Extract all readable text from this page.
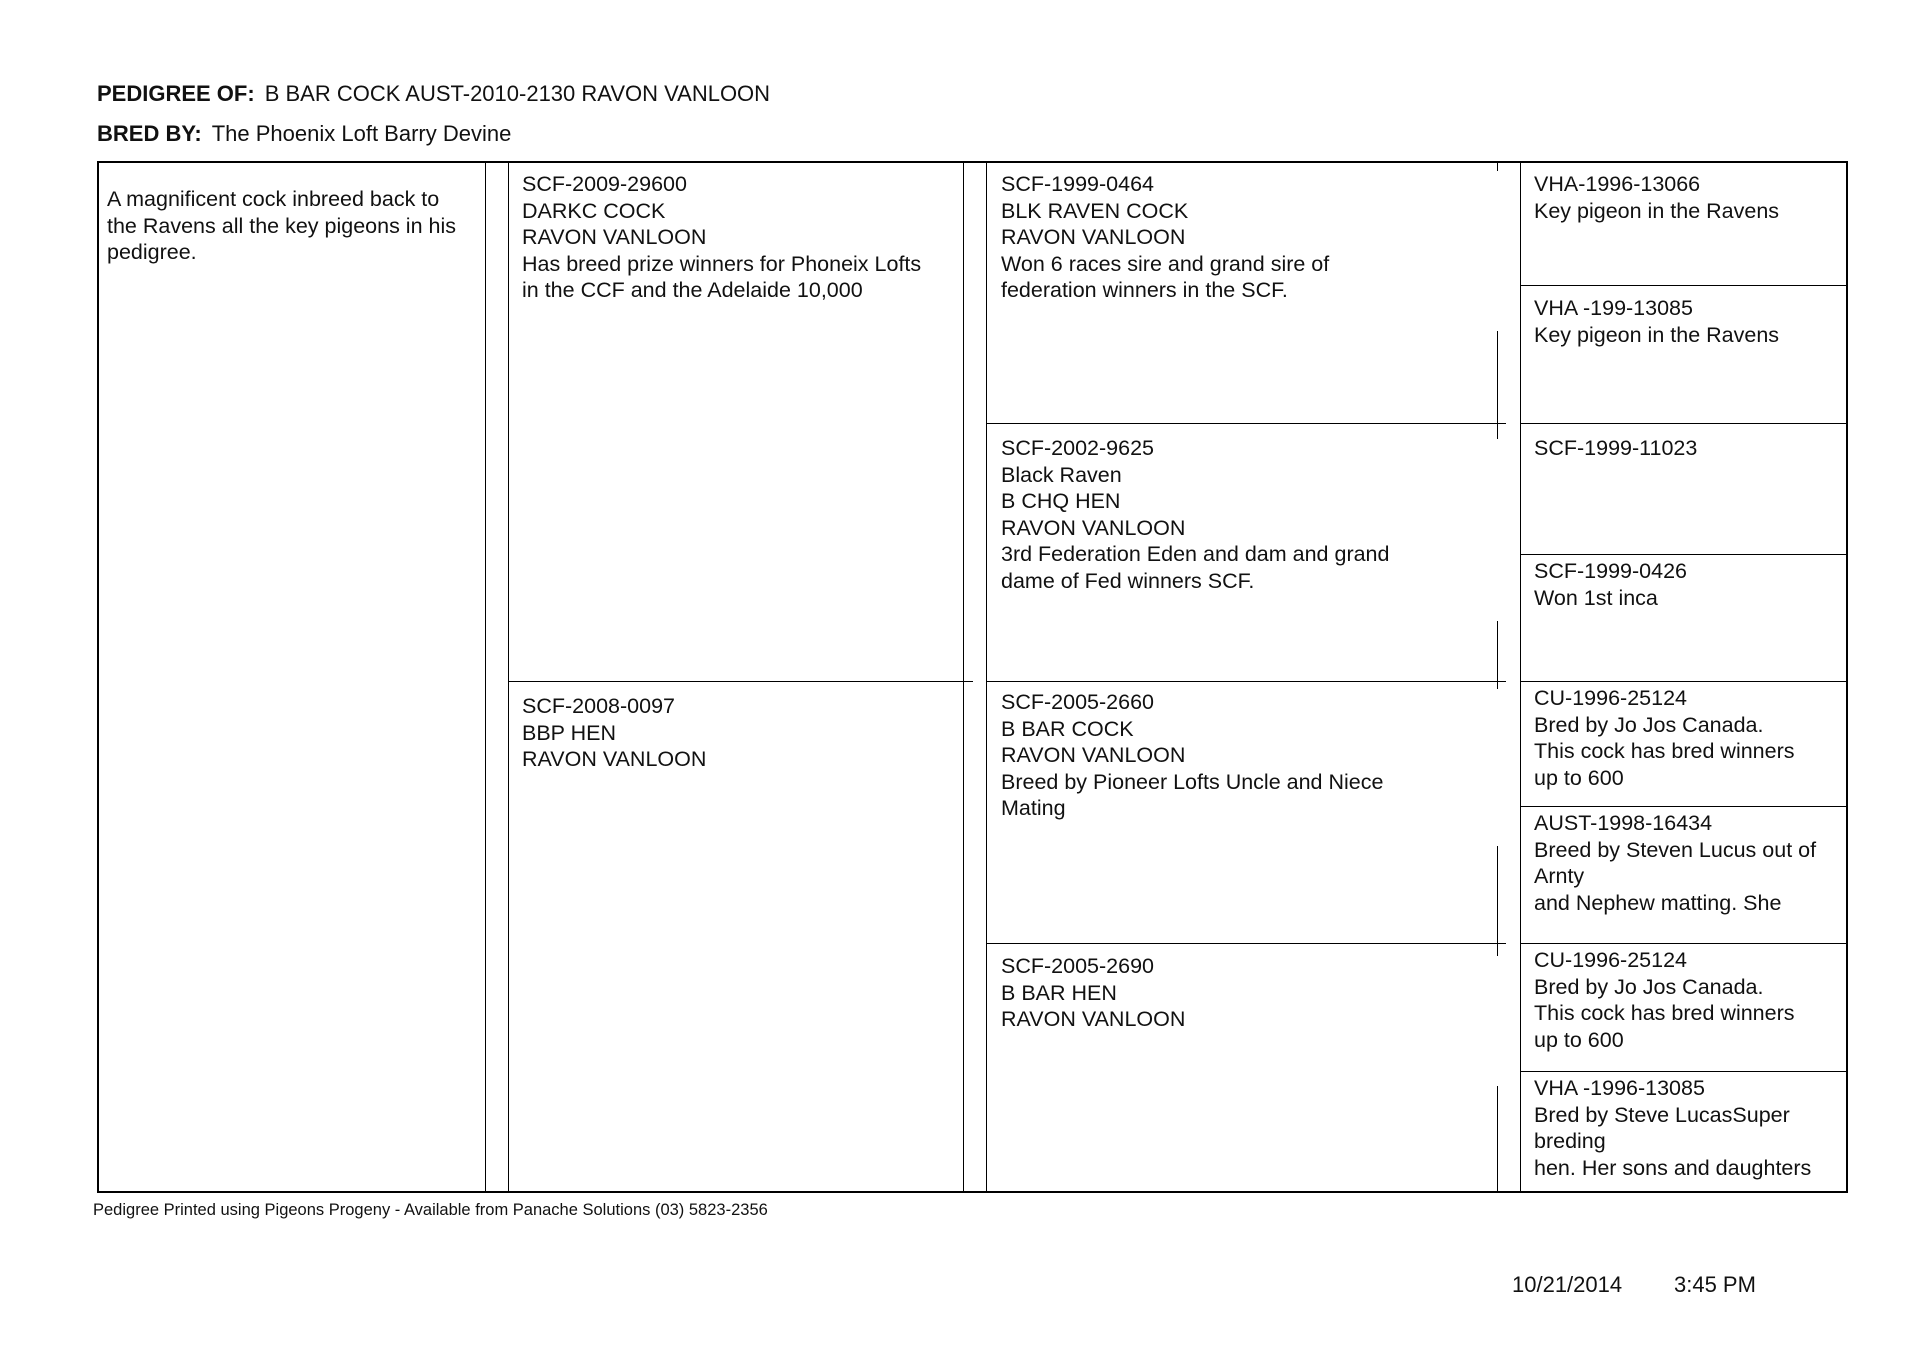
PEDIGREE OF: B BAR COCK AUST-2010-2130 RAVON VANLOON
BRED BY: The Phoenix Loft Barry Devine
A magnificent cock inbreed back to
the Ravens all the key pigeons in his
pedigree.
SCF-2009-29600
DARKC COCK
RAVON VANLOON
Has breed prize winners for Phoneix Lofts
in the CCF and the Adelaide 10,000
SCF-2008-0097
BBP HEN
RAVON VANLOON
SCF-1999-0464
BLK RAVEN COCK
RAVON VANLOON
Won 6 races sire and grand sire of
federation winners in the SCF.
SCF-2002-9625
Black Raven
B CHQ HEN
RAVON VANLOON
3rd Federation Eden and dam and grand
dame of Fed winners SCF.
SCF-2005-2660
B BAR COCK
RAVON VANLOON
Breed by Pioneer Lofts Uncle and Niece
Mating
SCF-2005-2690
B BAR HEN
RAVON VANLOON
VHA-1996-13066
Key pigeon in the Ravens
VHA -199-13085
Key pigeon in the Ravens
SCF-1999-11023
SCF-1999-0426
Won 1st inca
CU-1996-25124
Bred by Jo Jos Canada.
This cock has bred winners
up to 600
AUST-1998-16434
Breed by Steven Lucus out of
Arnty
and Nephew matting. She
CU-1996-25124
Bred by Jo Jos Canada.
This cock has bred winners
up to 600
VHA -1996-13085
Bred by Steve LucasSuper
breding
hen. Her sons and daughters
Pedigree Printed using Pigeons Progeny - Available from Panache Solutions (03) 5823-2356
10/21/2014 3:45 PM
